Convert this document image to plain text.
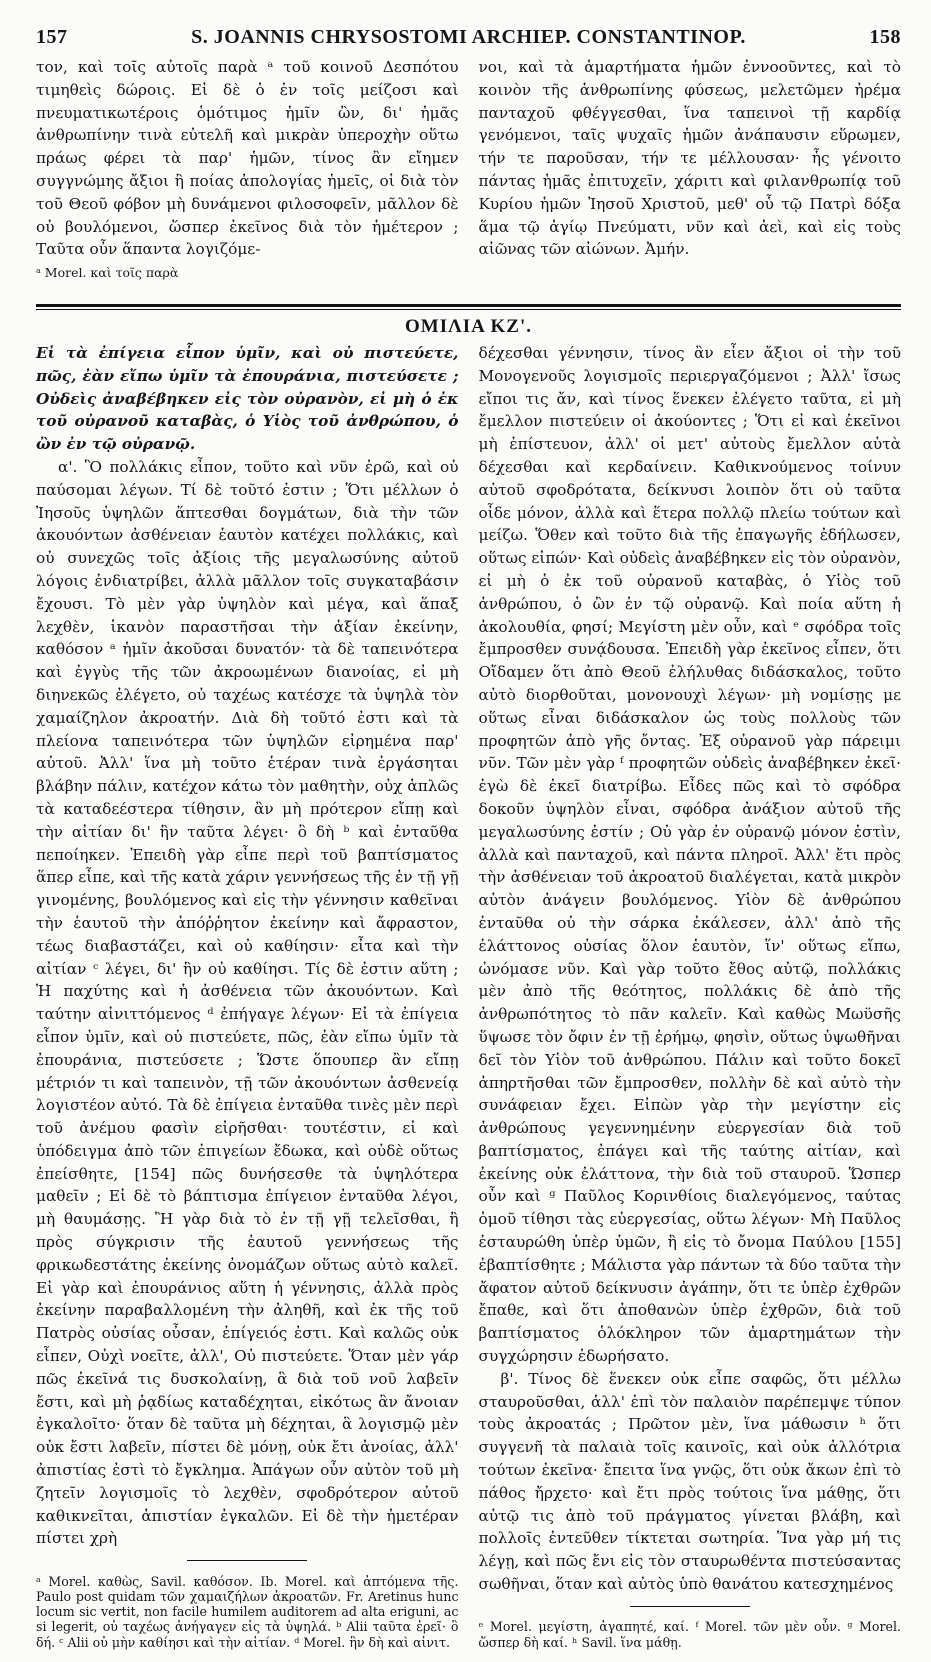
157	S. JOANNIS CHRYSOSTOMI ARCHIEP. CONSTANTINOP.	158

τον, καὶ τοῖς αὐτοῖς παρὰ ᵃ τοῦ κοινοῦ Δεσπότου τιμηθεὶς δώροις. Εἰ δὲ ὁ ἐν τοῖς μείζοσι καὶ πνευματικωτέροις ὁμότιμος ἡμῖν ὢν, δι' ἡμᾶς ἀνθρωπίνην τινὰ εὐτελῆ καὶ μικρὰν ὑπεροχὴν οὕτω πράως φέρει τὰ παρ' ἡμῶν, τίνος ἂν εἴημεν συγγνώμης ἄξιοι ἢ ποίας ἀπολογίας ἡμεῖς, οἱ διὰ τὸν τοῦ Θεοῦ φόβον μὴ δυνάμενοι φιλοσοφεῖν, μᾶλλον δὲ οὐ βουλόμενοι, ὥσπερ ἐκεῖνος διὰ τὸν ἡμέτερον ; Ταῦτα οὖν ἅπαντα λογιζόμε-

ᵃ Morel. καὶ τοῖς παρὰ

νοι, καὶ τὰ ἁμαρτήματα ἡμῶν ἐννοοῦντες, καὶ τὸ κοινὸν τῆς ἀνθρωπίνης φύσεως, μελετῶμεν ἠρέμα πανταχοῦ φθέγγεσθαι, ἵνα ταπεινοὶ τῇ καρδίᾳ γενόμενοι, ταῖς ψυχαῖς ἡμῶν ἀνάπαυσιν εὕρωμεν, τήν τε παροῦσαν, τήν τε μέλλουσαν· ἧς γένοιτο πάντας ἡμᾶς ἐπιτυχεῖν, χάριτι καὶ φιλανθρωπίᾳ τοῦ Κυρίου ἡμῶν Ἰησοῦ Χριστοῦ, μεθ' οὗ τῷ Πατρὶ δόξα ἅμα τῷ ἁγίῳ Πνεύματι, νῦν καὶ ἀεὶ, καὶ εἰς τοὺς αἰῶνας τῶν αἰώνων. Ἀμήν.

ΟΜΙΛΙΑ ΚΖ'.

Εἰ τὰ ἐπίγεια εἶπον ὑμῖν, καὶ οὐ πιστεύετε, πῶς, ἐὰν εἴπω ὑμῖν τὰ ἐπουράνια, πιστεύσετε ; Οὐδεὶς ἀναβέβηκεν εἰς τὸν οὐρανὸν, εἰ μὴ ὁ ἐκ τοῦ οὐρανοῦ καταβὰς, ὁ Υἱὸς τοῦ ἀνθρώπου, ὁ ὢν ἐν τῷ οὐρανῷ.

α'. Ὃ πολλάκις εἶπον, τοῦτο καὶ νῦν ἐρῶ, καὶ οὐ παύσομαι λέγων. Τί δὲ τοῦτό ἐστιν ; Ὅτι μέλλων ὁ Ἰησοῦς ὑψηλῶν ἅπτεσθαι δογμάτων, διὰ τὴν τῶν ἀκουόντων ἀσθένειαν ἑαυτὸν κατέχει πολλάκις, καὶ οὐ συνεχῶς τοῖς ἀξίοις τῆς μεγαλωσύνης αὐτοῦ λόγοις ἐνδιατρίβει, ἀλλὰ μᾶλλον τοῖς συγκαταβάσιν ἔχουσι. Τὸ μὲν γὰρ ὑψηλὸν καὶ μέγα, καὶ ἅπαξ λεχθὲν, ἱκανὸν παραστῆσαι τὴν ἀξίαν ἐκείνην, καθόσον ᵃ ἡμῖν ἀκοῦσαι δυνατόν· τὰ δὲ ταπεινότερα καὶ ἐγγὺς τῆς τῶν ἀκροωμένων διανοίας, εἰ μὴ διηνεκῶς ἐλέγετο, οὐ ταχέως κατέσχε τὰ ὑψηλὰ τὸν χαμαίζηλον ἀκροατήν. Διὰ δὴ τοῦτό ἐστι καὶ τὰ πλείονα ταπεινότερα τῶν ὑψηλῶν εἰρημένα παρ' αὐτοῦ. Ἀλλ' ἵνα μὴ τοῦτο ἑτέραν τινὰ ἐργάσηται βλάβην πάλιν, κατέχον κάτω τὸν μαθητὴν, οὐχ ἁπλῶς τὰ καταδεέστερα τίθησιν, ἂν μὴ πρότερον εἴπῃ καὶ τὴν αἰτίαν δι' ἣν ταῦτα λέγει· ὃ δὴ ᵇ καὶ ἐνταῦθα πεποίηκεν. Ἐπειδὴ γὰρ εἶπε περὶ τοῦ βαπτίσματος ἅπερ εἶπε, καὶ τῆς κατὰ χάριν γεννήσεως τῆς ἐν τῇ γῇ γινομένης, βουλόμενος καὶ εἰς τὴν γέννησιν καθεῖναι τὴν ἑαυτοῦ τὴν ἀπόῤῥητον ἐκείνην καὶ ἄφραστον, τέως διαβαστάζει, καὶ οὐ καθίησιν· εἶτα καὶ τὴν αἰτίαν ᶜ λέγει, δι' ἣν οὐ καθίησι. Τίς δὲ ἐστιν αὕτη ; Ἡ παχύτης καὶ ἡ ἀσθένεια τῶν ἀκουόντων. Καὶ ταύτην αἰνιττόμενος ᵈ ἐπήγαγε λέγων· Εἰ τὰ ἐπίγεια εἶπον ὑμῖν, καὶ οὐ πιστεύετε, πῶς, ἐὰν εἴπω ὑμῖν τὰ ἐπουράνια, πιστεύσετε ; Ὥστε ὅπουπερ ἂν εἴπῃ μέτριόν τι καὶ ταπεινὸν, τῇ τῶν ἀκουόντων ἀσθενείᾳ λογιστέον αὐτό. Τὰ δὲ ἐπίγεια ἐνταῦθα τινὲς μὲν περὶ τοῦ ἀνέμου φασὶν εἰρῆσθαι· τουτέστιν, εἰ καὶ ὑπόδειγμα ἀπὸ τῶν ἐπιγείων ἔδωκα, καὶ οὐδὲ οὕτως ἐπείσθητε, [154] πῶς δυνήσεσθε τὰ ὑψηλότερα μαθεῖν ; Εἰ δὲ τὸ βάπτισμα ἐπίγειον ἐνταῦθα λέγοι, μὴ θαυμάσῃς. Ἢ γὰρ διὰ τὸ ἐν τῇ γῇ τελεῖσθαι, ἢ πρὸς σύγκρισιν τῆς ἑαυτοῦ γεννήσεως τῆς φρικωδεστάτης ἐκείνης ὀνομάζων οὕτως αὐτὸ καλεῖ. Εἰ γὰρ καὶ ἐπουράνιος αὕτη ἡ γέννησις, ἀλλὰ πρὸς ἐκείνην παραβαλλομένη τὴν ἀληθῆ, καὶ ἐκ τῆς τοῦ Πατρὸς οὐσίας οὖσαν, ἐπίγειός ἐστι. Καὶ καλῶς οὐκ εἶπεν, Οὐχὶ νοεῖτε, ἀλλ', Οὐ πιστεύετε. Ὅταν μὲν γάρ πῶς ἐκεῖνά τις δυσκολαίνῃ, ἃ διὰ τοῦ νοῦ λαβεῖν ἔστι, καὶ μὴ ῥᾳδίως καταδέχηται, εἰκότως ἂν ἄνοιαν ἐγκαλοῖτο· ὅταν δὲ ταῦτα μὴ δέχηται, ἃ λογισμῷ μὲν οὐκ ἔστι λαβεῖν, πίστει δὲ μόνῃ, οὐκ ἔτι ἀνοίας, ἀλλ' ἀπιστίας ἐστὶ τὸ ἔγκλημα. Ἀπάγων οὖν αὐτὸν τοῦ μὴ ζητεῖν λογισμοῖς τὸ λεχθὲν, σφοδρότερον αὐτοῦ καθικνεῖται, ἀπιστίαν ἐγκαλῶν. Εἰ δὲ τὴν ἡμετέραν πίστει χρὴ

ᵃ Morel. καθὼς, Savil. καθόσον. Ib. Morel. καὶ ἀπτόμενα τῆς. Paulo post quidam τῶν χαμαιζήλων ἀκροατῶν. Fr. Aretinus hunc locum sic vertit, non facile humilem auditorem ad alta eriguni, ac si legerit, οὐ ταχέως ἀνήγαγεν εἰς τὰ ὑψηλά. ᵇ Alii ταῦτα ἐρεῖ· ὃ δή. ᶜ Alii οὐ μὴν καθίησι καὶ τὴν αἰτίαν. ᵈ Morel. ἣν δὴ καὶ αἰνιτ.

δέχεσθαι γέννησιν, τίνος ἂν εἶεν ἄξιοι οἱ τὴν τοῦ Μονογενοῦς λογισμοῖς περιεργαζόμενοι ; Ἀλλ' ἴσως εἴποι τις ἄν, καὶ τίνος ἕνεκεν ἐλέγετο ταῦτα, εἰ μὴ ἔμελλον πιστεύειν οἱ ἀκούοντες ; Ὅτι εἰ καὶ ἐκεῖνοι μὴ ἐπίστευον, ἀλλ' οἱ μετ' αὐτοὺς ἔμελλον αὐτὰ δέχεσθαι καὶ κερδαίνειν. Καθικνούμενος τοίνυν αὐτοῦ σφοδρότατα, δείκνυσι λοιπὸν ὅτι οὐ ταῦτα οἶδε μόνον, ἀλλὰ καὶ ἕτερα πολλῷ πλείω τούτων καὶ μείζω. Ὅθεν καὶ τοῦτο διὰ τῆς ἐπαγωγῆς ἐδήλωσεν, οὕτως εἰπών· Καὶ οὐδεὶς ἀναβέβηκεν εἰς τὸν οὐρανὸν, εἰ μὴ ὁ ἐκ τοῦ οὐρανοῦ καταβὰς, ὁ Υἱὸς τοῦ ἀνθρώπου, ὁ ὢν ἐν τῷ οὐρανῷ. Καὶ ποία αὕτη ἡ ἀκολουθία, φησί; Μεγίστη μὲν οὖν, καὶ ᵉ σφόδρα τοῖς ἔμπροσθεν συνᾴδουσα. Ἐπειδὴ γὰρ ἐκεῖνος εἶπεν, ὅτι Οἴδαμεν ὅτι ἀπὸ Θεοῦ ἐλήλυθας διδάσκαλος, τοῦτο αὐτὸ διορθοῦται, μονονουχὶ λέγων· μὴ νομίσῃς με οὕτως εἶναι διδάσκαλον ὡς τοὺς πολλοὺς τῶν προφητῶν ἀπὸ γῆς ὄντας. Ἐξ οὐρανοῦ γὰρ πάρειμι νῦν. Τῶν μὲν γὰρ ᶠ προφητῶν οὐδεὶς ἀναβέβηκεν ἐκεῖ· ἐγὼ δὲ ἐκεῖ διατρίβω. Εἶδες πῶς καὶ τὸ σφόδρα δοκοῦν ὑψηλὸν εἶναι, σφόδρα ἀνάξιον αὐτοῦ τῆς μεγαλωσύνης ἐστίν ; Οὐ γὰρ ἐν οὐρανῷ μόνον ἐστὶν, ἀλλὰ καὶ πανταχοῦ, καὶ πάντα πληροῖ. Ἀλλ' ἔτι πρὸς τὴν ἀσθένειαν τοῦ ἀκροατοῦ διαλέγεται, κατὰ μικρὸν αὐτὸν ἀνάγειν βουλόμενος. Υἱὸν δὲ ἀνθρώπου ἐνταῦθα οὐ τὴν σάρκα ἐκάλεσεν, ἀλλ' ἀπὸ τῆς ἐλάττονος οὐσίας ὅλον ἑαυτὸν, ἵν' οὕτως εἴπω, ὠνόμασε νῦν. Καὶ γὰρ τοῦτο ἔθος αὐτῷ, πολλάκις μὲν ἀπὸ τῆς θεότητος, πολλάκις δὲ ἀπὸ τῆς ἀνθρωπότητος τὸ πᾶν καλεῖν. Καὶ καθὼς Μωϋσῆς ὕψωσε τὸν ὄφιν ἐν τῇ ἐρήμῳ, φησὶν, οὕτως ὑψωθῆναι δεῖ τὸν Υἱὸν τοῦ ἀνθρώπου. Πάλιν καὶ τοῦτο δοκεῖ ἀπηρτῆσθαι τῶν ἔμπροσθεν, πολλὴν δὲ καὶ αὐτὸ τὴν συνάφειαν ἔχει. Εἰπὼν γὰρ τὴν μεγίστην εἰς ἀνθρώπους γεγεννημένην εὐεργεσίαν διὰ τοῦ βαπτίσματος, ἐπάγει καὶ τῆς ταύτης αἰτίαν, καὶ ἐκείνης οὐκ ἐλάττονα, τὴν διὰ τοῦ σταυροῦ. Ὥσπερ οὖν καὶ ᵍ Παῦλος Κορινθίοις διαλεγόμενος, ταύτας ὁμοῦ τίθησι τὰς εὐεργεσίας, οὕτω λέγων· Μὴ Παῦλος ἐσταυρώθη ὑπὲρ ὑμῶν, ἢ εἰς τὸ ὄνομα Παύλου [155] ἐβαπτίσθητε ; Μάλιστα γὰρ πάντων τὰ δύο ταῦτα τὴν ἄφατον αὐτοῦ δείκνυσιν ἀγάπην, ὅτι τε ὑπὲρ ἐχθρῶν ἔπαθε, καὶ ὅτι ἀποθανὼν ὑπὲρ ἐχθρῶν, διὰ τοῦ βαπτίσματος ὁλόκληρον τῶν ἁμαρτημάτων τὴν συγχώρησιν ἐδωρήσατο.

β'. Τίνος δὲ ἕνεκεν οὐκ εἶπε σαφῶς, ὅτι μέλλω σταυροῦσθαι, ἀλλ' ἐπὶ τὸν παλαιὸν παρέπεμψε τύπον τοὺς ἀκροατάς ; Πρῶτον μὲν, ἵνα μάθωσιν ʰ ὅτι συγγενῆ τὰ παλαιὰ τοῖς καινοῖς, καὶ οὐκ ἀλλότρια τούτων ἐκεῖνα· ἔπειτα ἵνα γνῷς, ὅτι οὐκ ἄκων ἐπὶ τὸ πάθος ἤρχετο· καὶ ἔτι πρὸς τούτοις ἵνα μάθῃς, ὅτι αὐτῷ τις ἀπὸ τοῦ πράγματος γίνεται βλάβη, καὶ πολλοῖς ἐντεῦθεν τίκτεται σωτηρία. Ἵνα γὰρ μή τις λέγῃ, καὶ πῶς ἔνι εἰς τὸν σταυρωθέντα πιστεύσαντας σωθῆναι, ὅταν καὶ αὐτὸς ὑπὸ θανάτου κατεσχημένος

ᵉ Morel. μεγίστη, ἀγαπητέ, καί. ᶠ Morel. τῶν μὲν οὖν. ᵍ Morel. ὥσπερ δὴ καί. ʰ Savil. ἵνα μάθῃ.
